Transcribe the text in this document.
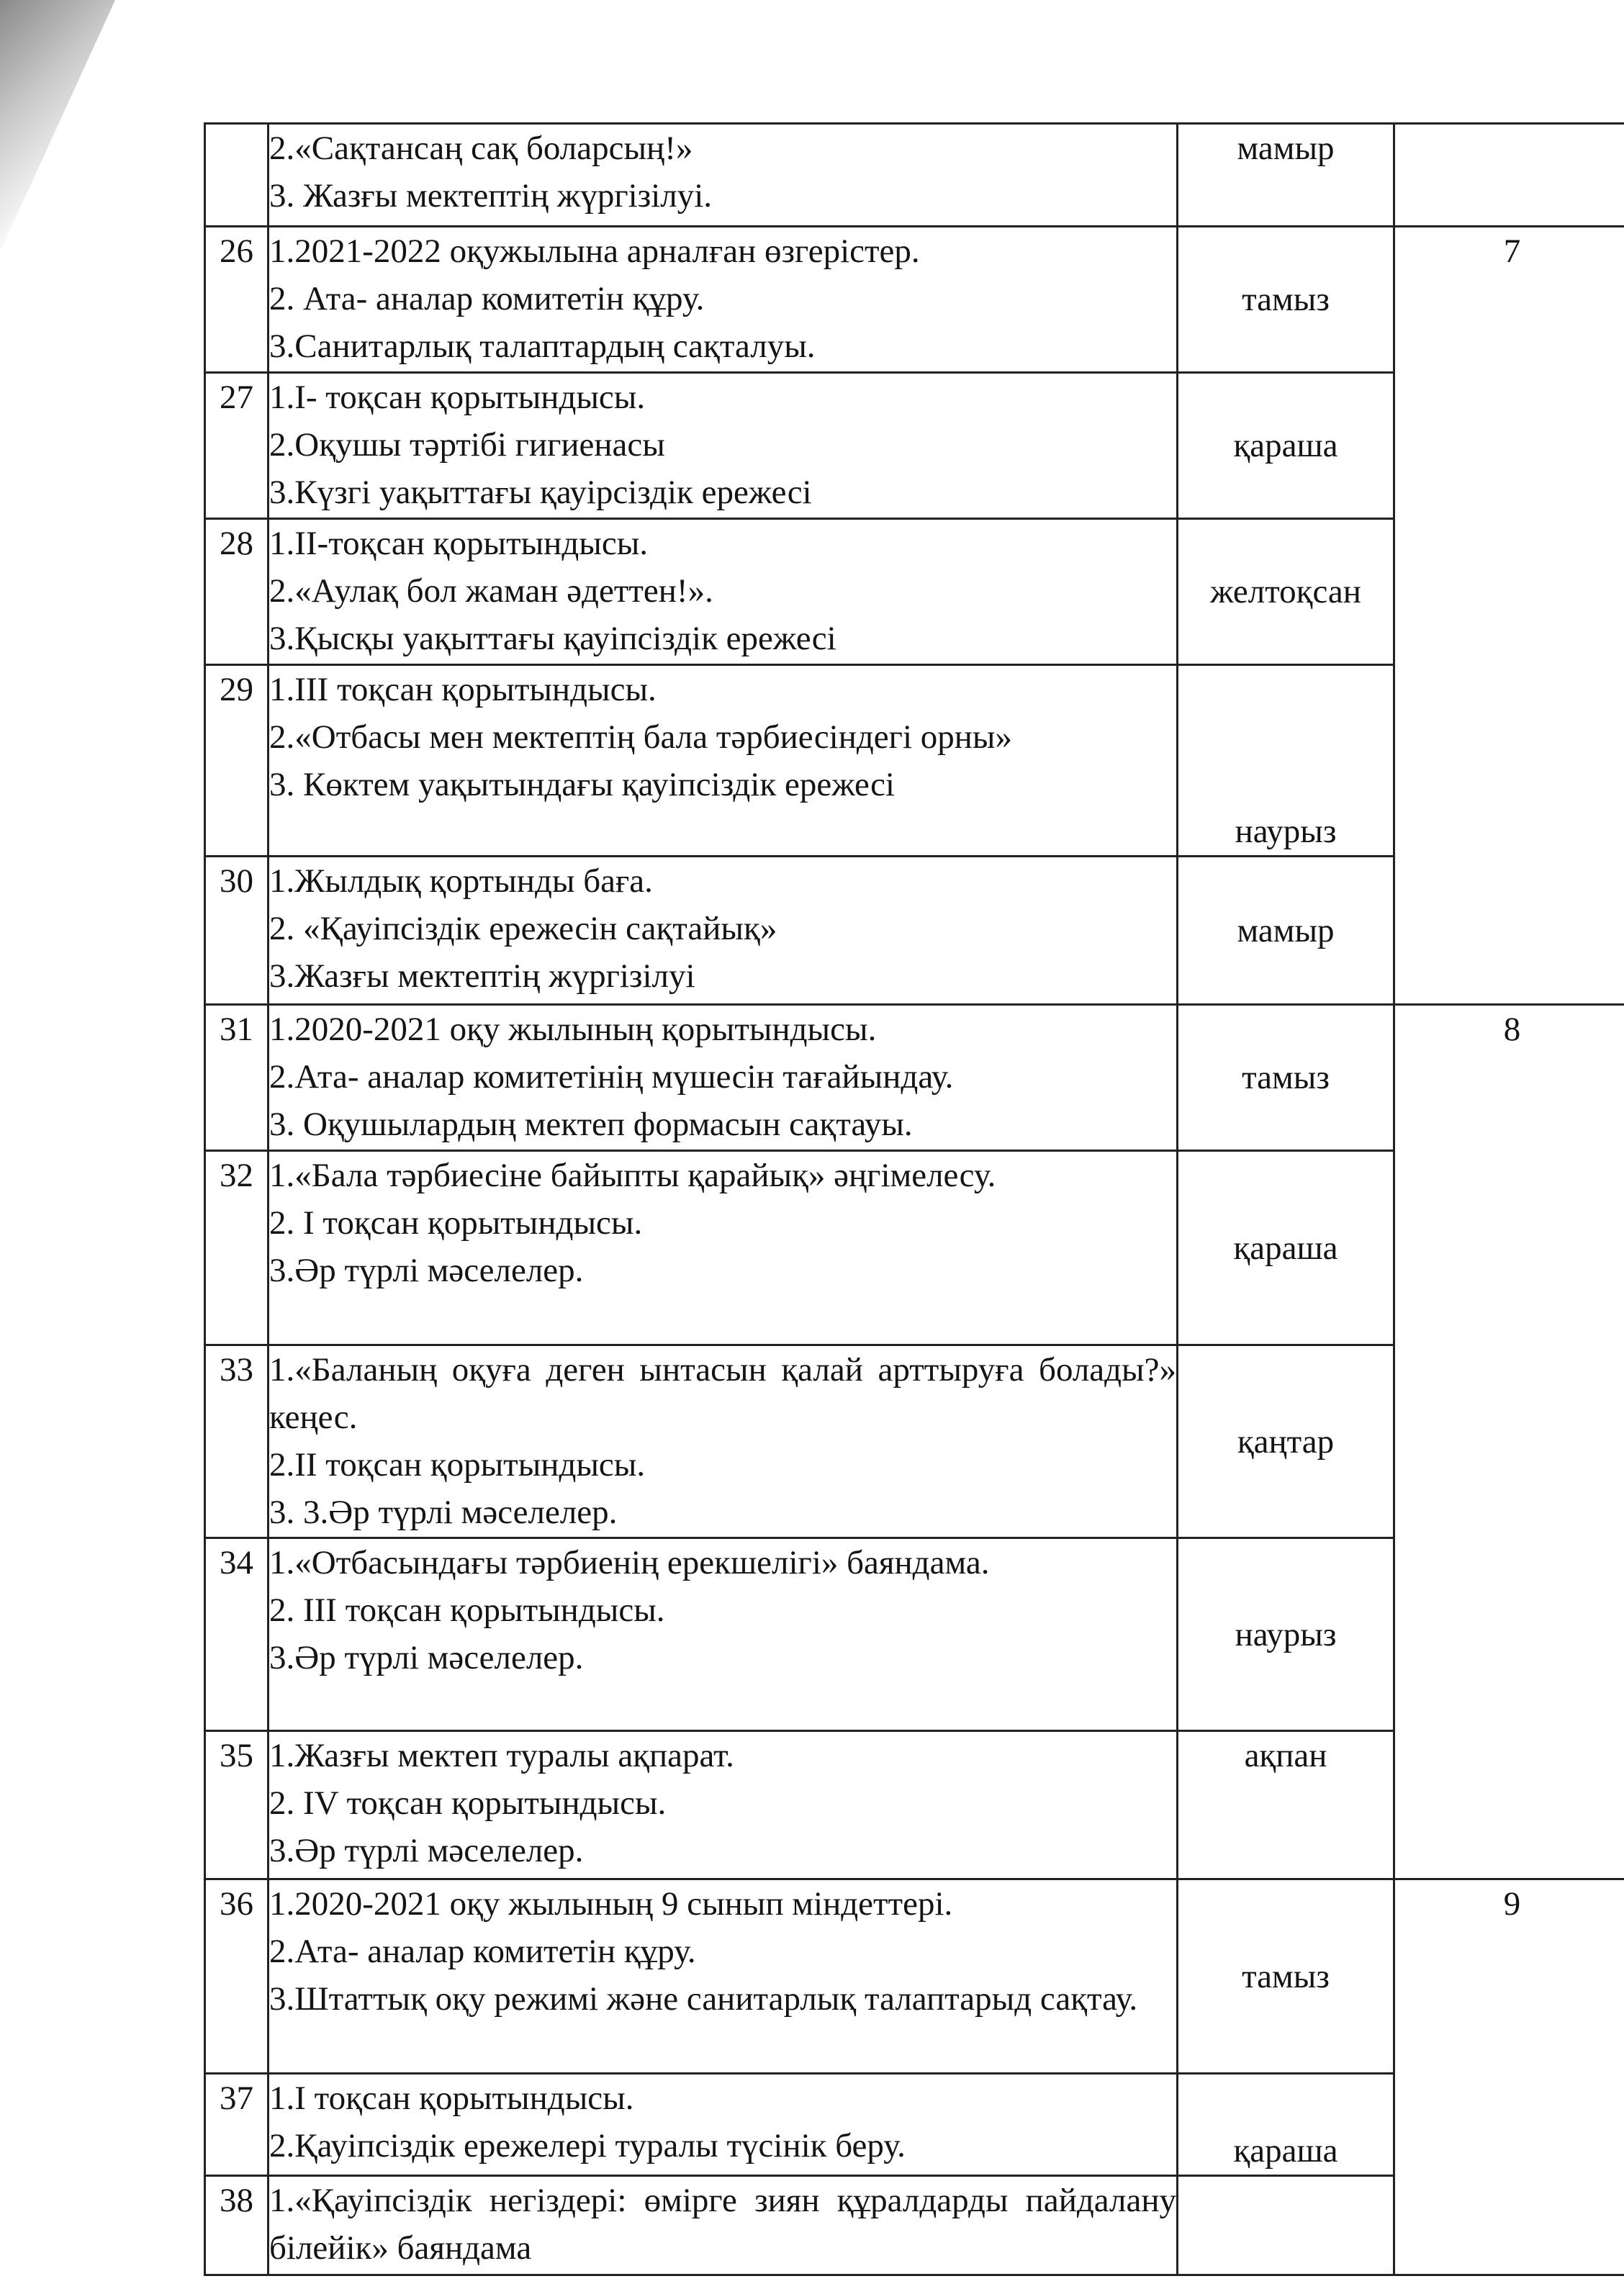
	2.«Сақтансаң сақ боларсың!»
3. Жазғы мектептің жүргізілуі.	мамыр	
26	1.2021-2022 оқужылына арналған өзгерістер.
2. Ата- аналар комитетін құру.
3.Санитарлық талаптардың сақталуы.	тамыз	7
27	1.I- тоқсан қорытындысы.
2.Оқушы тәртібі гигиенасы
3.Күзгі уақыттағы қауірсіздік ережесі	қараша	
28	1.II-тоқсан қорытындысы.
2.«Аулақ бол жаман әдеттен!».
3.Қысқы уақыттағы қауіпсіздік ережесі	желтоқсан	
29	1.III тоқсан қорытындысы.
2.«Отбасы мен мектептің бала тәрбиесіндегі орны»
3. Көктем уақытындағы қауіпсіздік ережесі	наурыз	
30	1.Жылдық қортынды баға.
2. «Қауіпсіздік ережесін сақтайық»
3.Жазғы мектептің жүргізілуі	мамыр	
31	1.2020-2021 оқу жылының қорытындысы.
2.Ата- аналар комитетінің мүшесін тағайындау.
3. Оқушылардың мектеп формасын сақтауы.	тамыз	8
32	1.«Бала тәрбиесіне байыпты қарайық» әңгімелесу.
2. I тоқсан қорытындысы.
3.Әр түрлі мәселелер.	қараша	
33	1.«Баланың оқуға деген ынтасын қалай арттыруға болады?» кеңес.
2.II тоқсан қорытындысы.
3. 3.Әр түрлі мәселелер.	қаңтар	
34	1.«Отбасындағы тәрбиенің ерекшелігі» баяндама.
2. III тоқсан қорытындысы.
3.Әр түрлі мәселелер.	наурыз	
35	1.Жазғы мектеп туралы ақпарат.
2. IV тоқсан қорытындысы.
3.Әр түрлі мәселелер.	ақпан	
36	1.2020-2021 оқу жылының 9 сынып міндеттері.
2.Ата- аналар комитетін құру.
3.Штаттық оқу режимі және санитарлық талаптарыд сақтау.	тамыз	9
37	1.I тоқсан қорытындысы.
2.Қауіпсіздік ережелері туралы түсінік беру.	қараша	
38	1.«Қауіпсіздік негіздері: өмірге зиян құралдарды пайдалану білейік» баяндама		
